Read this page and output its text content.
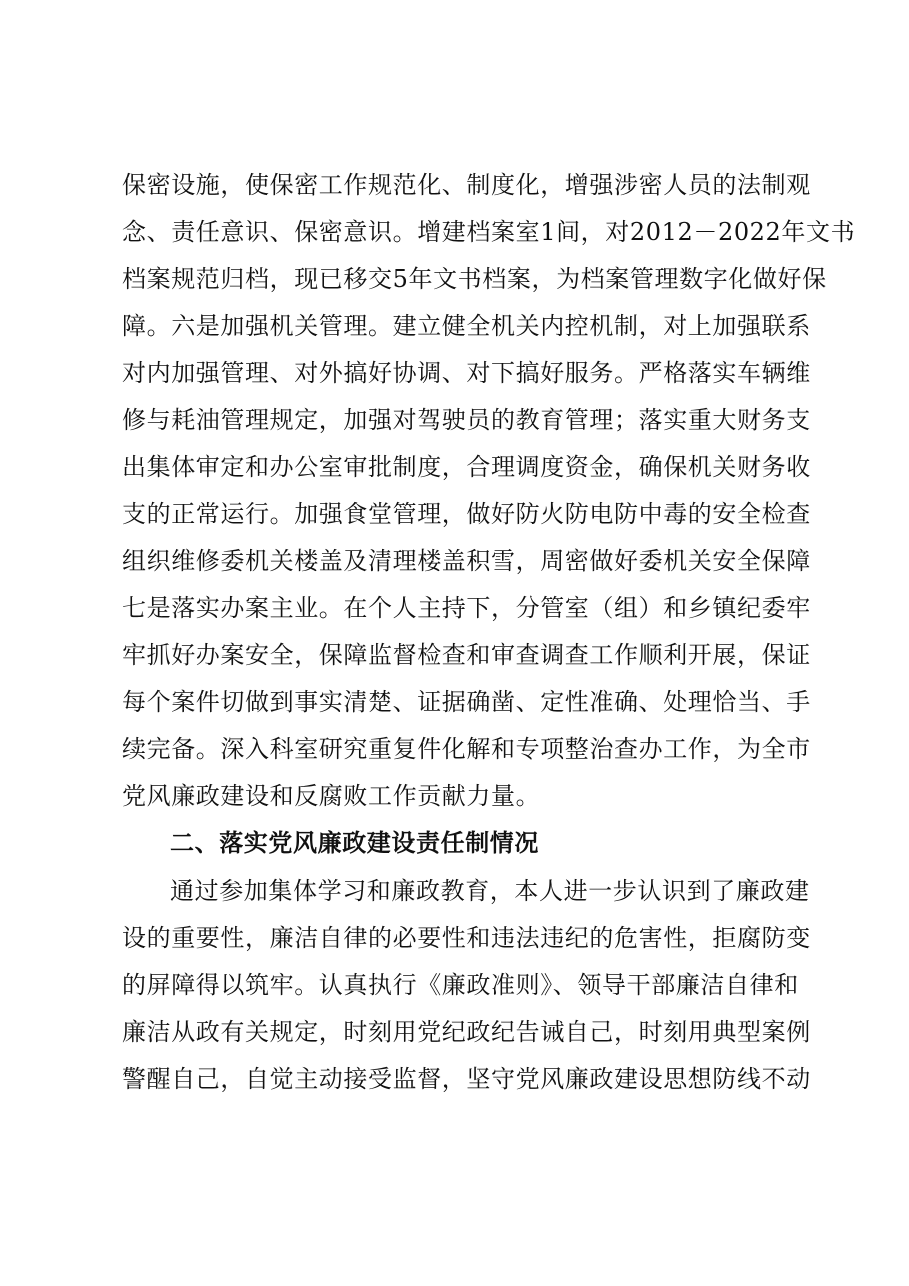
保密设施，使保密工作规范化、制度化，增强涉密人员的法制观
念、责任意识、保密意识。增建档案室1间，对2012－2022年文书
档案规范归档，现已移交5年文书档案，为档案管理数字化做好保
障。六是加强机关管理。建立健全机关内控机制，对上加强联系
对内加强管理、对外搞好协调、对下搞好服务。严格落实车辆维
修与耗油管理规定，加强对驾驶员的教育管理；落实重大财务支
出集体审定和办公室审批制度，合理调度资金，确保机关财务收
支的正常运行。加强食堂管理，做好防火防电防中毒的安全检查
组织维修委机关楼盖及清理楼盖积雪，周密做好委机关安全保障
七是落实办案主业。在个人主持下，分管室（组）和乡镇纪委牢
牢抓好办案安全，保障监督检查和审查调查工作顺利开展，保证
每个案件切做到事实清楚、证据确凿、定性准确、处理恰当、手
续完备。深入科室研究重复件化解和专项整治查办工作，为全市
党风廉政建设和反腐败工作贡献力量。
二、落实党风廉政建设责任制情况
通过参加集体学习和廉政教育，本人进一步认识到了廉政建
设的重要性，廉洁自律的必要性和违法违纪的危害性，拒腐防变
的屏障得以筑牢。认真执行《廉政准则》、领导干部廉洁自律和
廉洁从政有关规定，时刻用党纪政纪告诫自己，时刻用典型案例
警醒自己，自觉主动接受监督，坚守党风廉政建设思想防线不动
